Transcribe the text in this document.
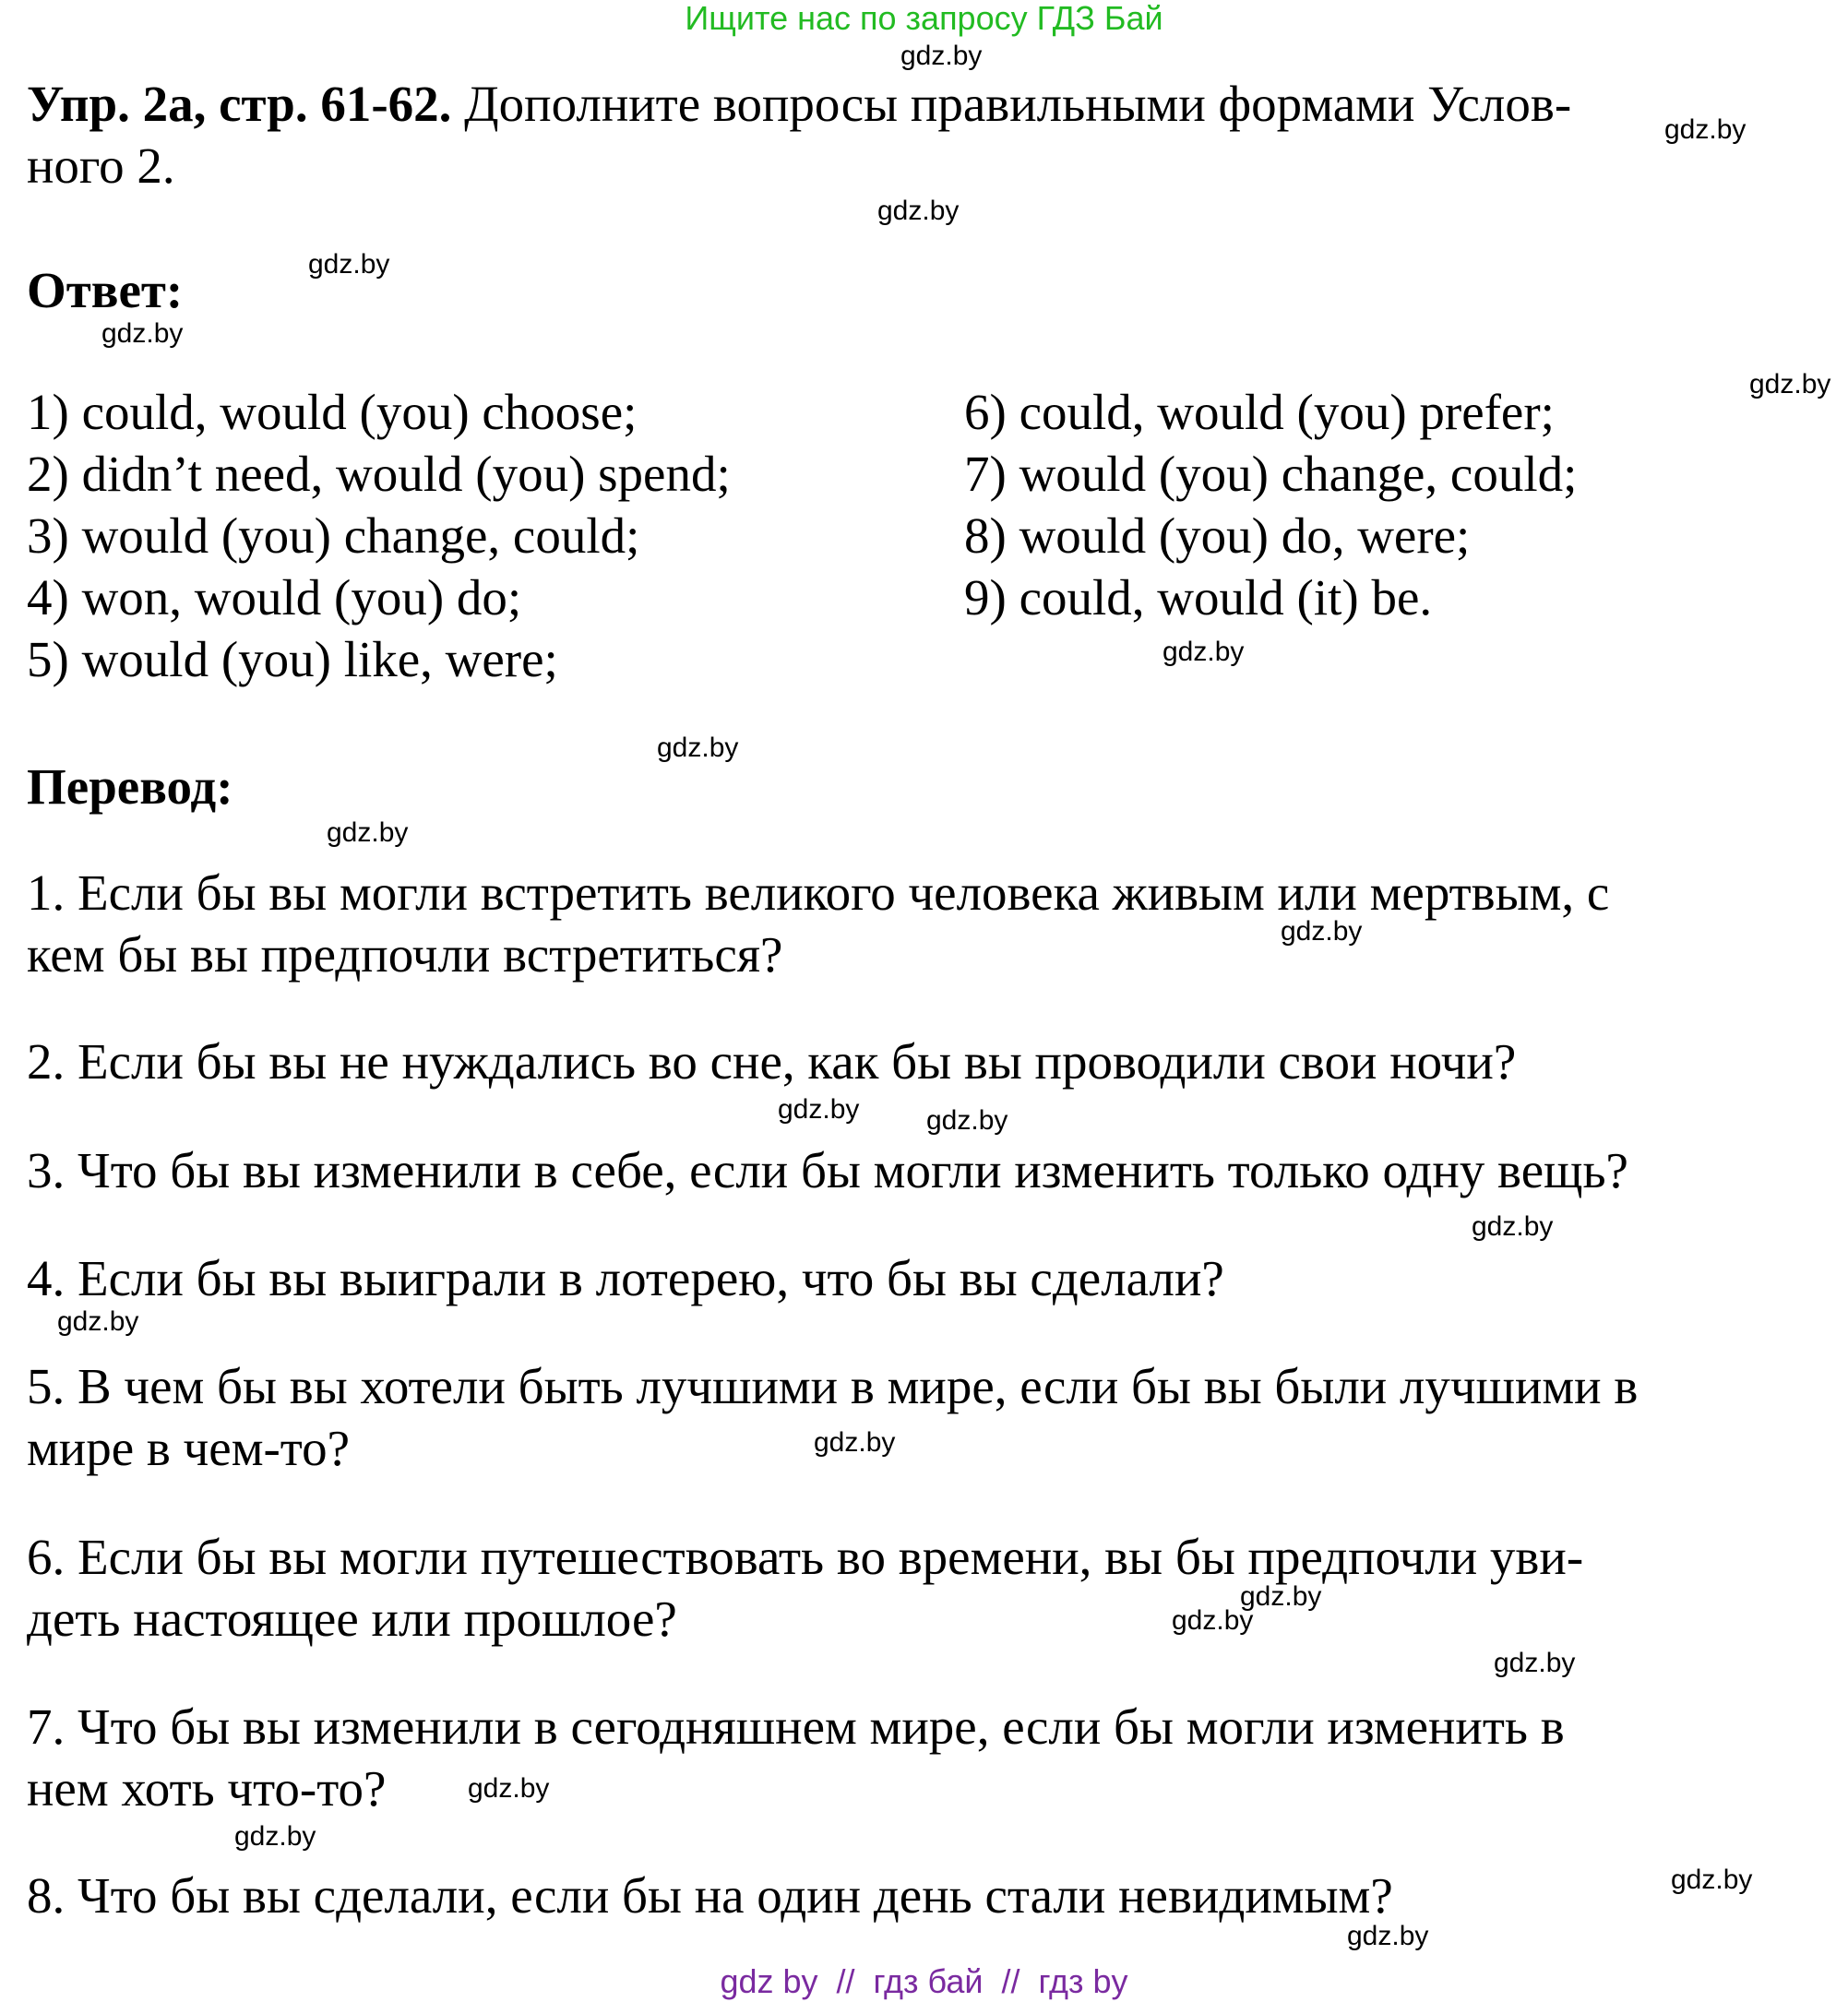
Ищите нас по запросу ГДЗ Бай
Упр. 2а, стр. 61-62. Дополните вопросы правильными формами Услов-
ного 2.
Ответ:
1) could, would (you) choose;
2) didn’t need, would (you) spend;
3) would (you) change, could;
4) won, would (you) do;
5) would (you) like, were;
6) could, would (you) prefer;
7) would (you) change, could;
8) would (you) do, were;
9) could, would (it) be.
Перевод:
1. Если бы вы могли встретить великого человека живым или мертвым, с
кем бы вы предпочли встретиться?
2. Если бы вы не нуждались во сне, как бы вы проводили свои ночи?
3. Что бы вы изменили в себе, если бы могли изменить только одну вещь?
4. Если бы вы выиграли в лотерею, что бы вы сделали?
5. В чем бы вы хотели быть лучшими в мире, если бы вы были лучшими в
мире в чем-то?
6. Если бы вы могли путешествовать во времени, вы бы предпочли уви-
деть настоящее или прошлое?
7. Что бы вы изменили в сегодняшнем мире, если бы могли изменить в
нем хоть что-то?
8. Что бы вы сделали, если бы на один день стали невидимым?
gdz.by
gdz.by
gdz.by
gdz.by
gdz.by
gdz.by
gdz.by
gdz.by
gdz.by
gdz.by
gdz.by
gdz.by
gdz.by
gdz.by
gdz.by
gdz.by
gdz.by
gdz.by
gdz.by
gdz.by
gdz.by
gdz.by
gdz by  //  гдз бай  //  гдз by
